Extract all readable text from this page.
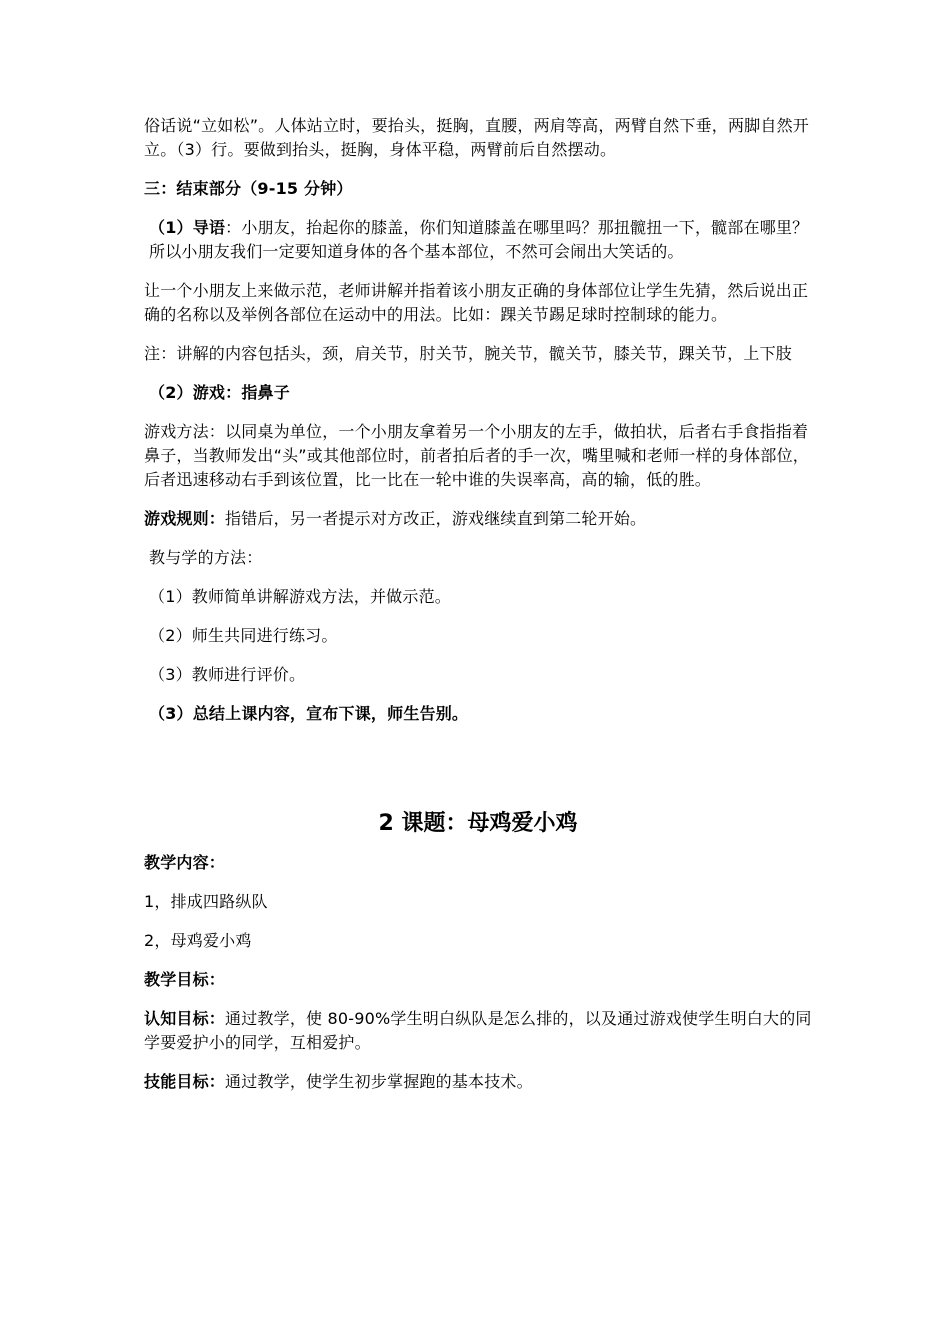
俗话说“立如松”。人体站立时，要抬头，挺胸，直腰，两肩等高，两臂自然下垂，两脚自然开立。（3）行。要做到抬头，挺胸，身体平稳，两臂前后自然摆动。

三：结束部分（9-15 分钟）

（1）导语：小朋友，抬起你的膝盖，你们知道膝盖在哪里吗？那扭髋扭一下，髋部在哪里？所以小朋友我们一定要知道身体的各个基本部位，不然可会闹出大笑话的。

让一个小朋友上来做示范，老师讲解并指着该小朋友正确的身体部位让学生先猜，然后说出正确的名称以及举例各部位在运动中的用法。比如：踝关节踢足球时控制球的能力。

注：讲解的内容包括头，颈，肩关节，肘关节，腕关节，髋关节，膝关节，踝关节，上下肢

（2）游戏：指鼻子

游戏方法：以同桌为单位，一个小朋友拿着另一个小朋友的左手，做拍状，后者右手食指指着鼻子，当教师发出“头”或其他部位时，前者拍后者的手一次，嘴里喊和老师一样的身体部位，后者迅速移动右手到该位置，比一比在一轮中谁的失误率高，高的输，低的胜。

游戏规则：指错后，另一者提示对方改正，游戏继续直到第二轮开始。

教与学的方法：

（1）教师简单讲解游戏方法，并做示范。

（2）师生共同进行练习。

（3）教师进行评价。

（3）总结上课内容，宣布下课，师生告别。

2 课题：母鸡爱小鸡

教学内容：

1，排成四路纵队

2，母鸡爱小鸡

教学目标：

认知目标：通过教学，使 80-90%学生明白纵队是怎么排的，以及通过游戏使学生明白大的同学要爱护小的同学，互相爱护。

技能目标：通过教学，使学生初步掌握跑的基本技术。
